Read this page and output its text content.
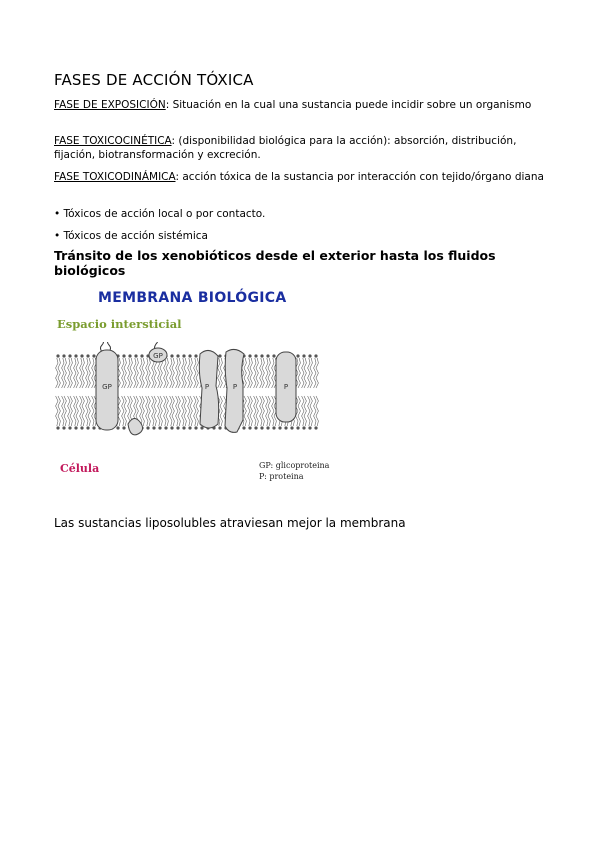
FASES DE ACCIÓN TÓXICA

FASE DE EXPOSICIÓN: Situación en la cual una sustancia puede incidir sobre un organismo

FASE TOXICOCINÉTICA: (disponibilidad biológica para la acción): absorción, distribución, fijación, biotransformación y excreción.

FASE TOXICODINÁMICA: acción tóxica de la sustancia por interacción con tejido/órgano diana

• Tóxicos de acción local o por contacto.

• Tóxicos de acción sistémica

Tránsito de los xenobióticos desde el exterior hasta los fluidos biológicos

MEMBRANA BIOLÓGICA

Espacio intersticial

GP
GP
P	P	P

Célula	GP: glicoproteina
P: proteina

Las sustancias liposolubles atraviesan mejor la membrana
